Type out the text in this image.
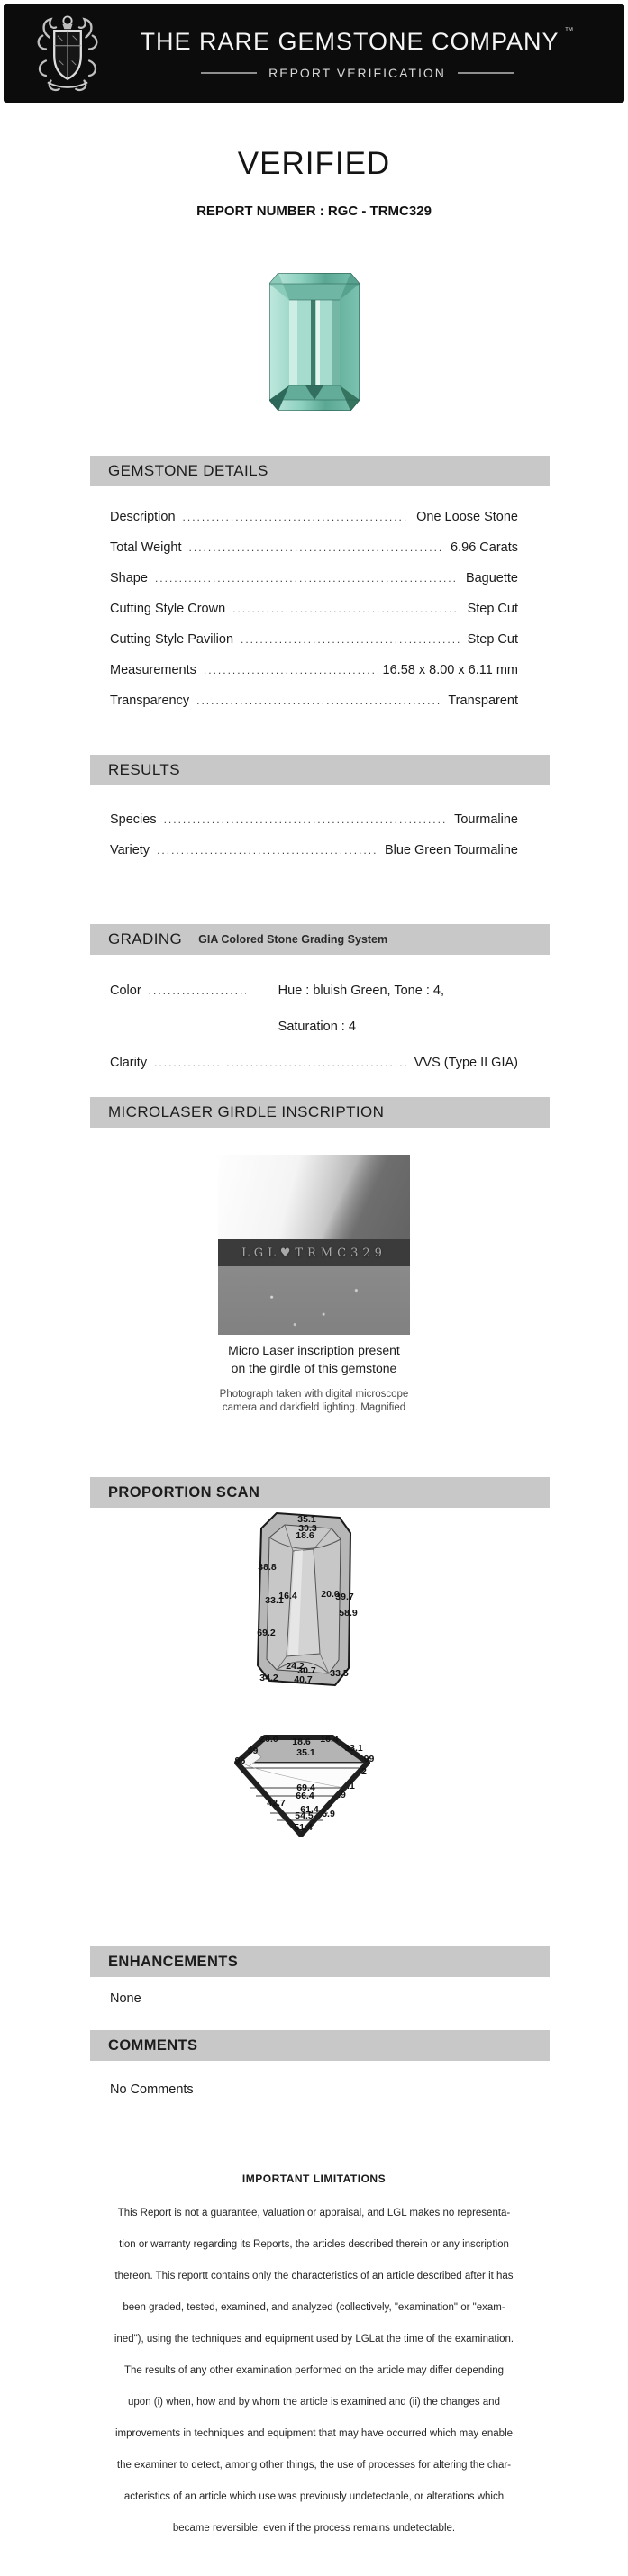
THE RARE GEMSTONE COMPANY ™
REPORT VERIFICATION
VERIFIED
REPORT NUMBER : RGC - TRMC329
GEMSTONE DETAILS
Description .....	One Loose Stone
Total Weight .....	6.96 Carats
Shape .....	Baguette
Cutting Style Crown .....	Step Cut
Cutting Style Pavilion .....	Step Cut
Measurements .....	16.58 x 8.00 x 6.11 mm
Transparency .....	Transparent
RESULTS
Species .....	Tourmaline
Variety .....	Blue Green Tourmaline
GRADING GIA Colored Stone Grading System
Color .....	Hue : bluish Green, Tone : 4,
Saturation : 4
Clarity .....	VVS (Type II GIA)
MICROLASER GIRDLE INSCRIPTION
LGL♥TRMC329
Micro Laser inscription present
on the girdle of this gemstone
Photograph taken with digital microscope
camera and darkfield lighting. Magnified
PROPORTION SCAN
35.1
30.3
18.6
38.8
33.1
16.4	20.0
39.7
58.9
69.2
24.2
30.7 33.5
34.2 40.7
20.0 18.6 16.4
39	35.1	33.1
96	99
.2
69.4
66.4
.1
.9
42.7
61.4
54.5 6.9
51.4
ENHANCEMENTS
None
COMMENTS
No Comments
IMPORTANT LIMITATIONS
This Report is not a guarantee, valuation or appraisal, and LGL makes no representa-
tion or warranty regarding its Reports, the articles described therein or any inscription
thereon. This reportt contains only the characteristics of an article described after it has
been graded, tested, examined, and analyzed (collectively, "examination" or "exam-
ined"), using the techniques and equipment used by LGLat the time of the examination.
The results of any other examination performed on the article may differ depending
upon (i) when, how and by whom the article is examined and (ii) the changes and
improvements in techniques and equipment that may have occurred which may enable
the examiner to detect, among other things, the use of processes for altering the char-
acteristics of an article which use was previously undetectable, or alterations which
became reversible, even if the process remains undetectable.
